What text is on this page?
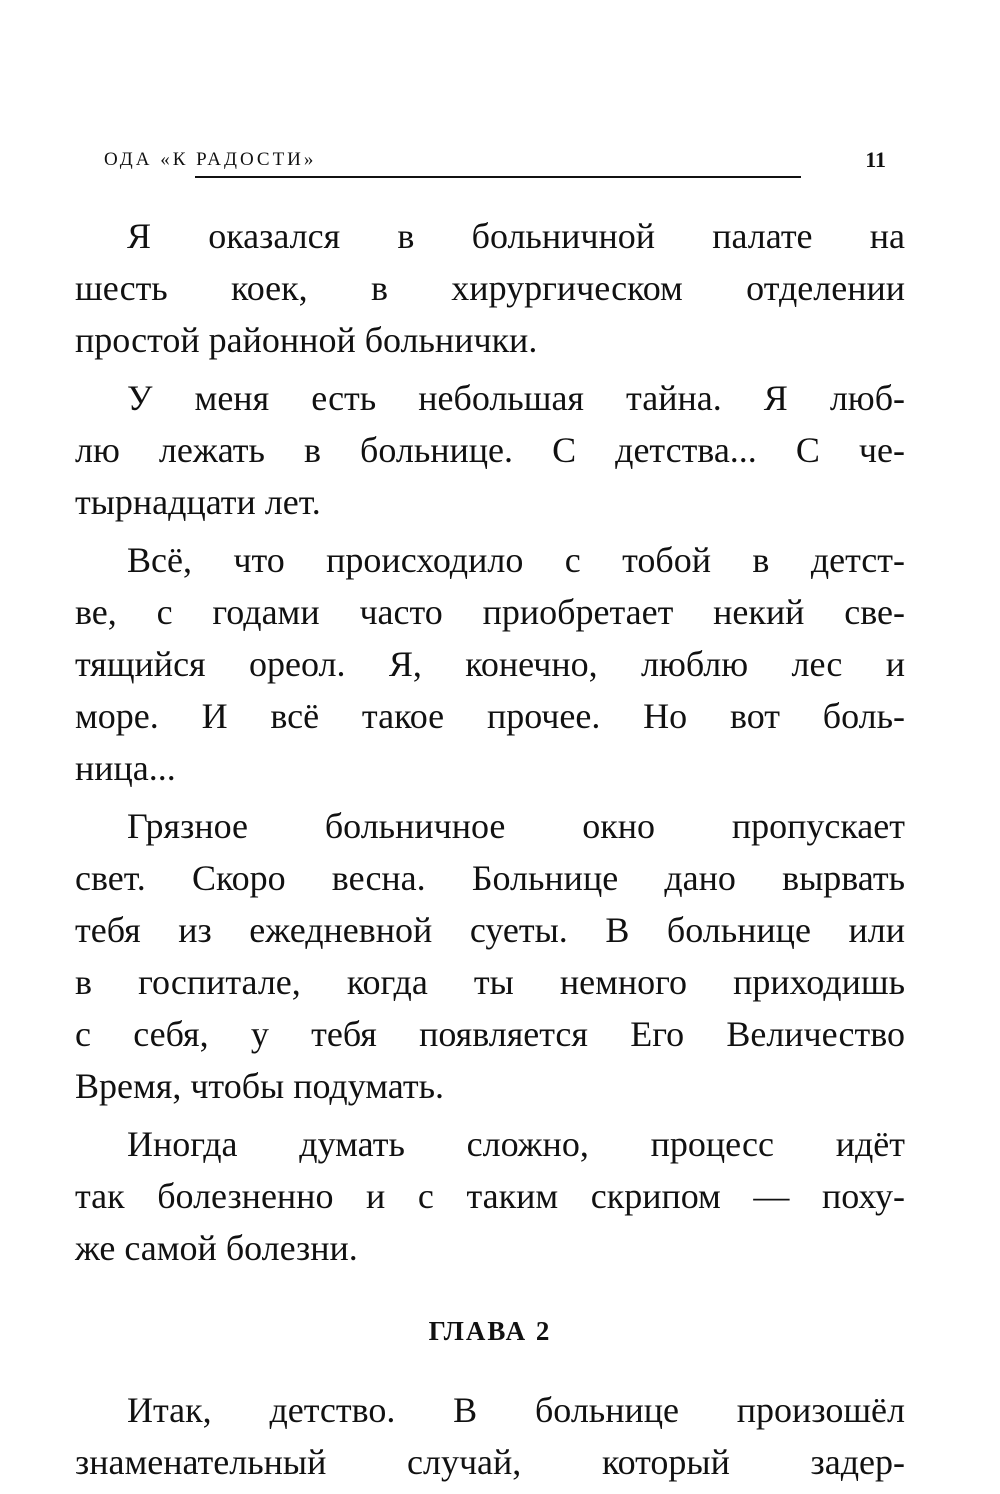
ОДА «К РАДОСТИ»	11
Я оказался в больничной палате на
шесть коек, в хирургическом отделении
простой районной больнички.
У меня есть небольшая тайна. Я люб-
лю лежать в больнице. С детства... С че-
тырнадцати лет.
Всё, что происходило с тобой в детст-
ве, с годами часто приобретает некий све-
тящийся ореол. Я, конечно, люблю лес и
море. И всё такое прочее. Но вот боль-
ница...
Грязное больничное окно пропускает
свет. Скоро весна. Больнице дано вырвать
тебя из ежедневной суеты. В больнице или
в госпитале, когда ты немного приходишь
с себя, у тебя появляется Его Величество
Время, чтобы подумать.
Иногда думать сложно, процесс идёт
так болезненно и с таким скрипом — поху-
же самой болезни.
ГЛАВА 2
Итак, детство. В больнице произошёл
знаменательный случай, который задер-
